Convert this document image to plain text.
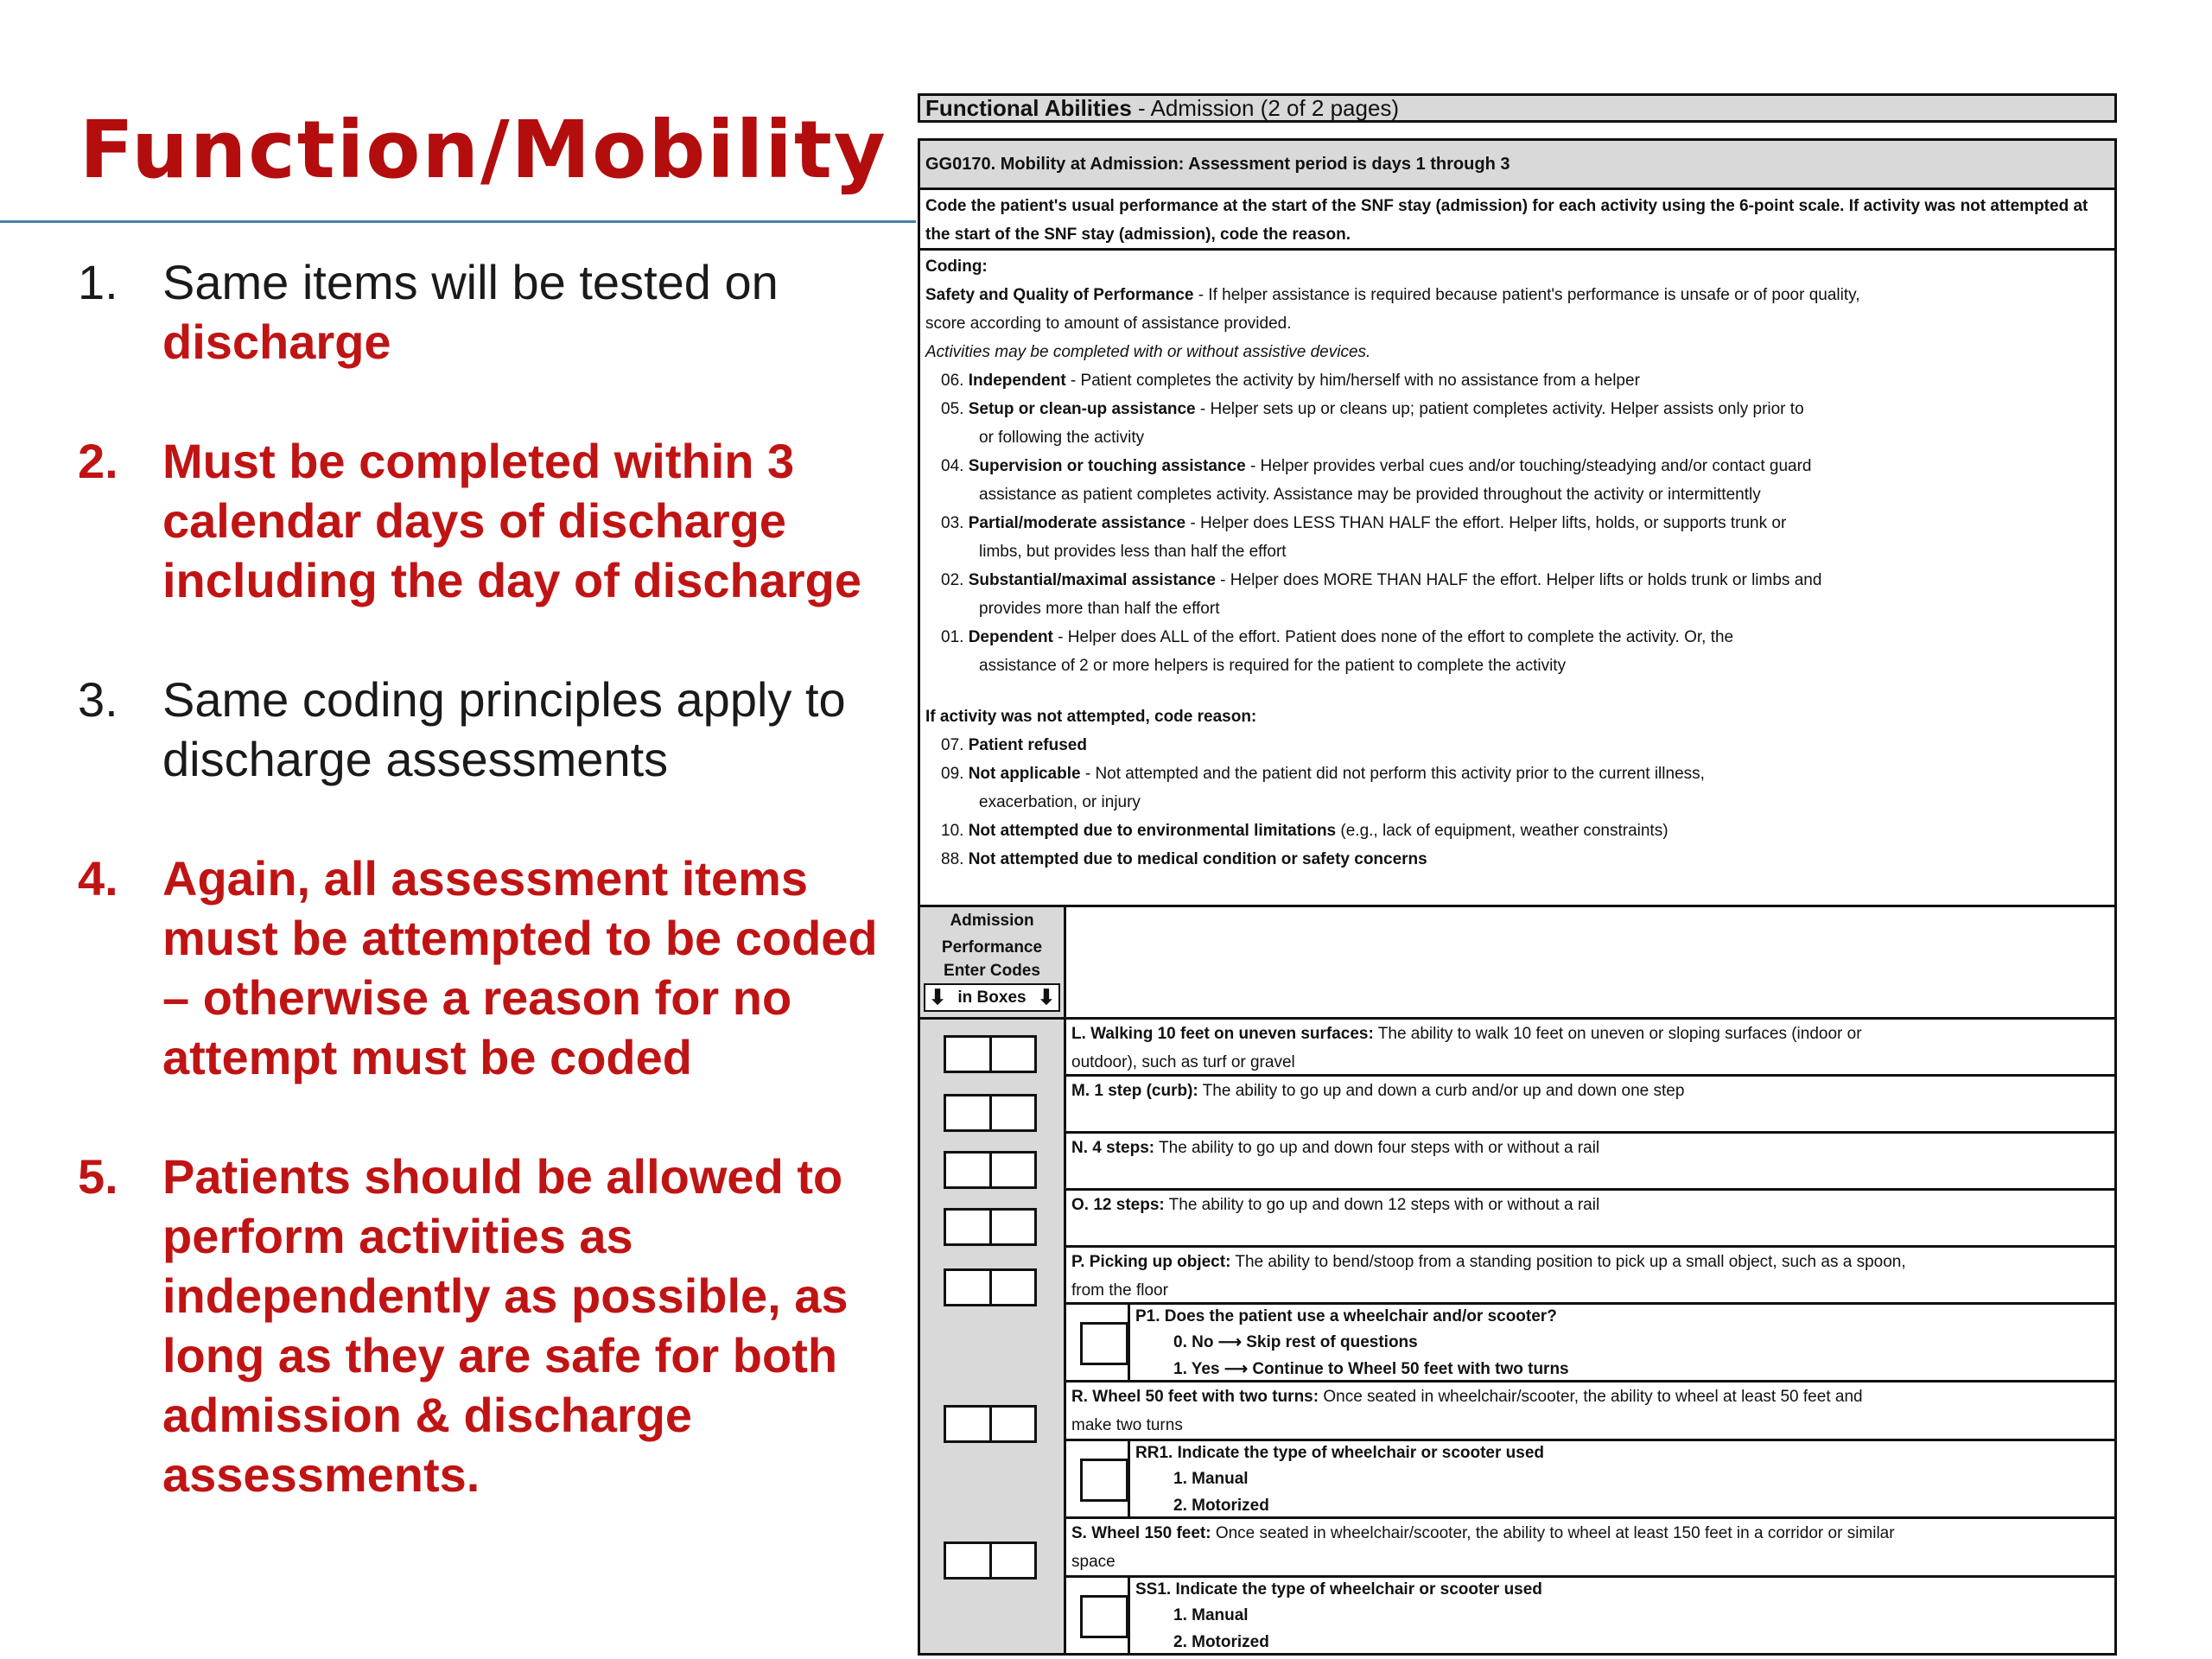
Function/Mobility
1. Same items will be tested on discharge
2. Must be completed within 3 calendar days of discharge including the day of discharge
3. Same coding principles apply to discharge assessments
4. Again, all assessment items must be attempted to be coded – otherwise a reason for no attempt must be coded
5. Patients should be allowed to perform activities as independently as possible, as long as they are safe for both admission & discharge assessments.
Functional Abilities - Admission (2 of 2 pages)
GG0170. Mobility at Admission: Assessment period is days 1 through 3
Code the patient's usual performance at the start of the SNF stay (admission) for each activity using the 6-point scale. If activity was not attempted at the start of the SNF stay (admission), code the reason.
Coding:
Safety and Quality of Performance - If helper assistance is required because patient's performance is unsafe or of poor quality,
score according to amount of assistance provided.
Activities may be completed with or without assistive devices.
06. Independent - Patient completes the activity by him/herself with no assistance from a helper
05. Setup or clean-up assistance - Helper sets up or cleans up; patient completes activity. Helper assists only prior to
or following the activity
04. Supervision or touching assistance - Helper provides verbal cues and/or touching/steadying and/or contact guard
assistance as patient completes activity. Assistance may be provided throughout the activity or intermittently
03. Partial/moderate assistance - Helper does LESS THAN HALF the effort. Helper lifts, holds, or supports trunk or
limbs, but provides less than half the effort
02. Substantial/maximal assistance - Helper does MORE THAN HALF the effort. Helper lifts or holds trunk or limbs and
provides more than half the effort
01. Dependent - Helper does ALL of the effort. Patient does none of the effort to complete the activity. Or, the
assistance of 2 or more helpers is required for the patient to complete the activity
If activity was not attempted, code reason:
07. Patient refused
09. Not applicable - Not attempted and the patient did not perform this activity prior to the current illness,
exacerbation, or injury
10. Not attempted due to environmental limitations (e.g., lack of equipment, weather constraints)
88. Not attempted due to medical condition or safety concerns
Admission
Performance
Enter Codes
⬇ in Boxes ⬇
L. Walking 10 feet on uneven surfaces: The ability to walk 10 feet on uneven or sloping surfaces (indoor or
outdoor), such as turf or gravel
M. 1 step (curb): The ability to go up and down a curb and/or up and down one step
N. 4 steps: The ability to go up and down four steps with or without a rail
O. 12 steps: The ability to go up and down 12 steps with or without a rail
P. Picking up object: The ability to bend/stoop from a standing position to pick up a small object, such as a spoon,
from the floor
P1. Does the patient use a wheelchair and/or scooter?
0. No ⟶ Skip rest of questions
1. Yes ⟶ Continue to Wheel 50 feet with two turns
R. Wheel 50 feet with two turns: Once seated in wheelchair/scooter, the ability to wheel at least 50 feet and
make two turns
RR1. Indicate the type of wheelchair or scooter used
1. Manual
2. Motorized
S. Wheel 150 feet: Once seated in wheelchair/scooter, the ability to wheel at least 150 feet in a corridor or similar
space
SS1. Indicate the type of wheelchair or scooter used
1. Manual
2. Motorized
